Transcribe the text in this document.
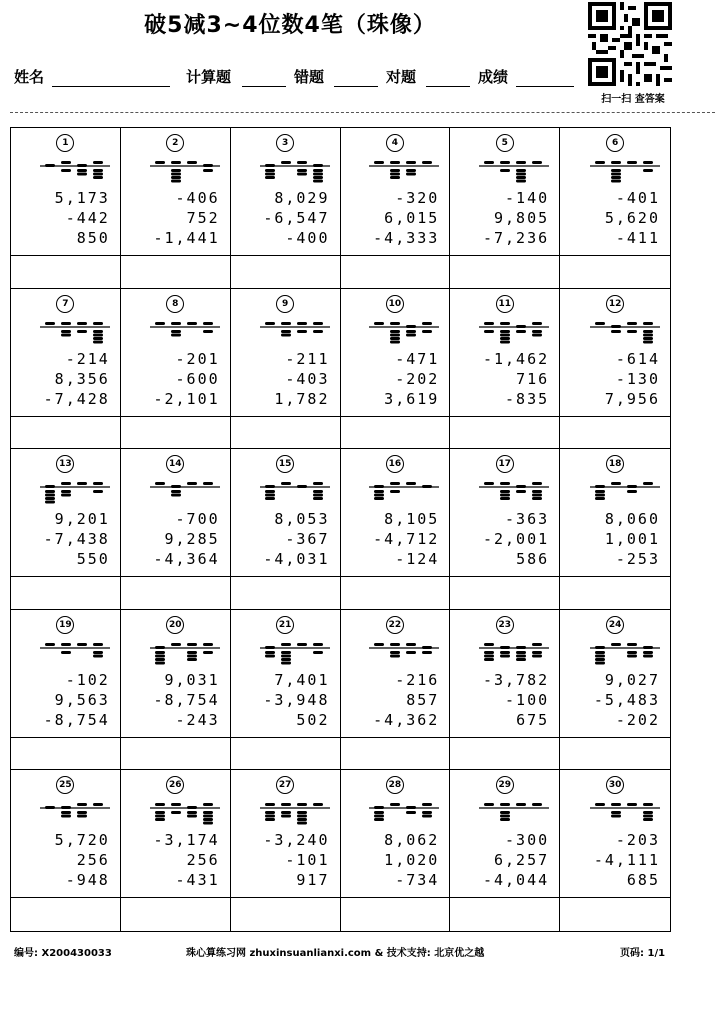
破5减3~4位数4笔（珠像）
扫一扫 查答案
姓名	计算题	错题	对题	成绩
1
5,173
-442
850
2
-406
752
-1,441
3
8,029
-6,547
-400
4
-320
6,015
-4,333
5
-140
9,805
-7,236
6
-401
5,620
-411
7
-214
8,356
-7,428
8
-201
-600
-2,101
9
-211
-403
1,782
10
-471
-202
3,619
11
-1,462
716
-835
12
-614
-130
7,956
13
9,201
-7,438
550
14
-700
9,285
-4,364
15
8,053
-367
-4,031
16
8,105
-4,712
-124
17
-363
-2,001
586
18
8,060
1,001
-253
19
-102
9,563
-8,754
20
9,031
-8,754
-243
21
7,401
-3,948
502
22
-216
857
-4,362
23
-3,782
-100
675
24
9,027
-5,483
-202
25
5,720
256
-948
26
-3,174
256
-431
27
-3,240
-101
917
28
8,062
1,020
-734
29
-300
6,257
-4,044
30
-203
-4,111
685
编号: X200430033	珠心算练习网 zhuxinsuanlianxi.com & 技术支持: 北京优之越	页码: 1/1
